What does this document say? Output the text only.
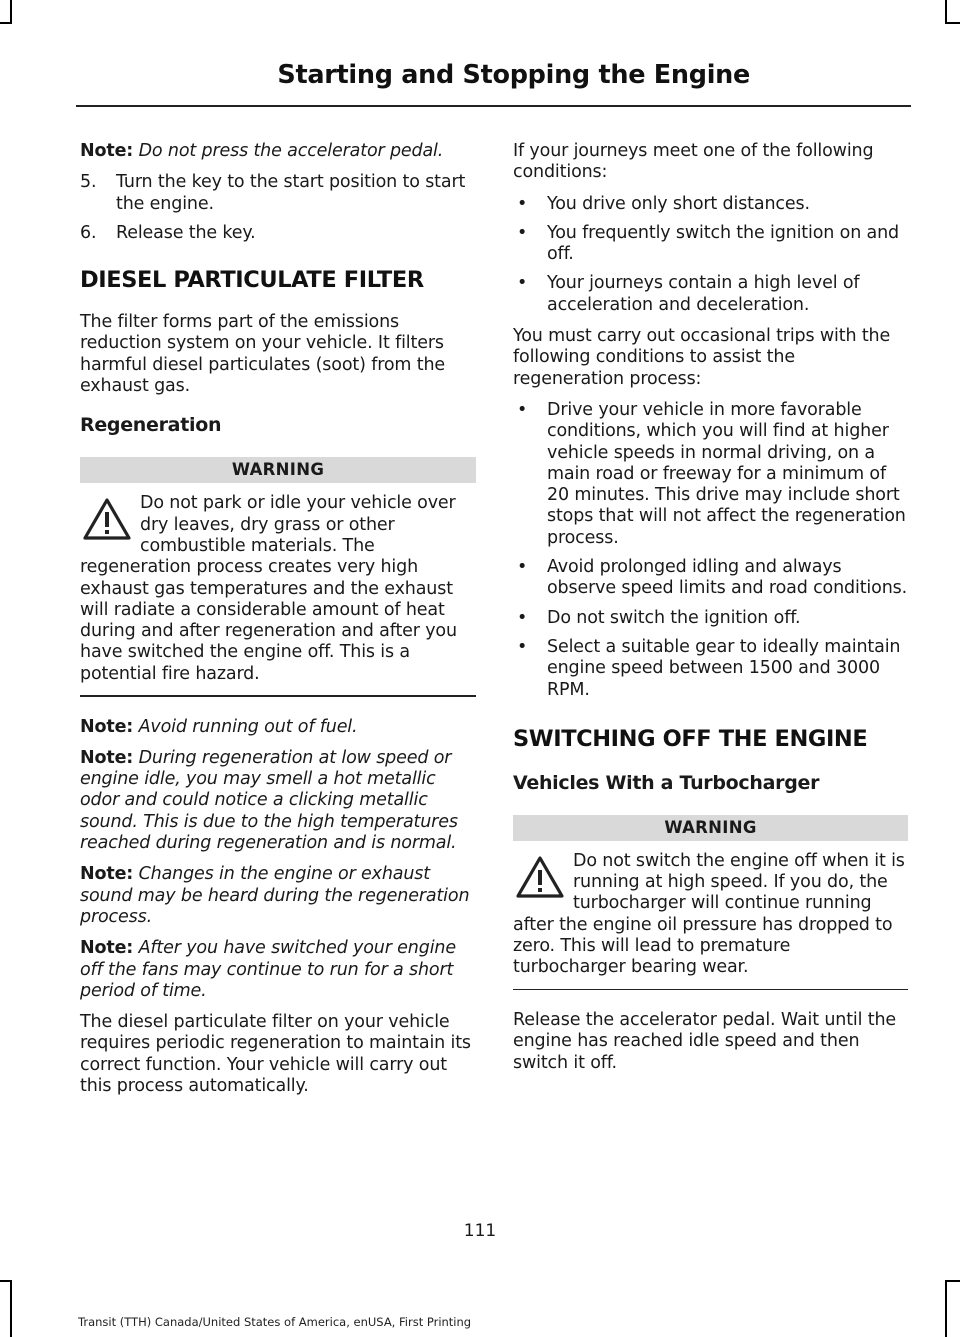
Starting and Stopping the Engine

Note: Do not press the accelerator pedal.

5.	Turn the key to the start position to start the engine.
6.	Release the key.
DIESEL PARTICULATE FILTER

The filter forms part of the emissions reduction system on your vehicle. It filters harmful diesel particulates (soot) from the exhaust gas.

Regeneration
WARNING

Do not park or idle your vehicle over dry leaves, dry grass or other combustible materials. The regeneration process creates very high exhaust gas temperatures and the exhaust will radiate a considerable amount of heat during and after regeneration and after you have switched the engine off. This is a potential fire hazard.

Note: Avoid running out of fuel.

Note: During regeneration at low speed or engine idle, you may smell a hot metallic odor and could notice a clicking metallic sound. This is due to the high temperatures reached during regeneration and is normal.

Note: Changes in the engine or exhaust sound may be heard during the regeneration process.

Note: After you have switched your engine off the fans may continue to run for a short period of time.

The diesel particulate filter on your vehicle requires periodic regeneration to maintain its correct function. Your vehicle will carry out this process automatically.

If your journeys meet one of the following conditions:

• You drive only short distances.
• You frequently switch the ignition on and off.
• Your journeys contain a high level of acceleration and deceleration.

You must carry out occasional trips with the following conditions to assist the regeneration process:

• Drive your vehicle in more favorable conditions, which you will find at higher vehicle speeds in normal driving, on a main road or freeway for a minimum of 20 minutes. This drive may include short stops that will not affect the regeneration process.
• Avoid prolonged idling and always observe speed limits and road conditions.
• Do not switch the ignition off.
• Select a suitable gear to ideally maintain engine speed between 1500 and 3000 RPM.
SWITCHING OFF THE ENGINE
Vehicles With a Turbocharger
WARNING

Do not switch the engine off when it is running at high speed. If you do, the turbocharger will continue running after the engine oil pressure has dropped to zero. This will lead to premature turbocharger bearing wear.

Release the accelerator pedal. Wait until the engine has reached idle speed and then switch it off.

111
Transit (TTH) Canada/United States of America, enUSA, First Printing
